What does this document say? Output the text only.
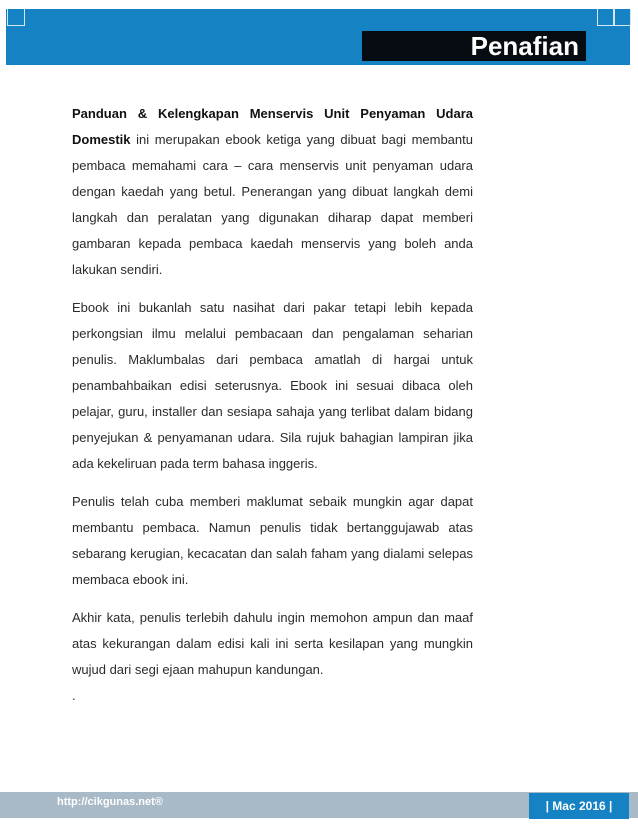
Penafian

Panduan & Kelengkapan Menservis Unit Penyaman Udara Domestik ini merupakan ebook ketiga yang dibuat bagi membantu pembaca memahami cara – cara menservis unit penyaman udara dengan kaedah yang betul. Penerangan yang dibuat langkah demi langkah dan peralatan yang digunakan diharap dapat memberi gambaran kepada pembaca kaedah menservis yang boleh anda lakukan sendiri.

Ebook ini bukanlah satu nasihat dari pakar tetapi lebih kepada perkongsian ilmu melalui pembacaan dan pengalaman seharian penulis. Maklumbalas dari pembaca amatlah di hargai untuk penambahbaikan edisi seterusnya. Ebook ini sesuai dibaca oleh pelajar, guru, installer dan sesiapa sahaja yang terlibat dalam bidang penyejukan & penyamanan udara. Sila rujuk bahagian lampiran jika ada kekeliruan pada term bahasa inggeris.

Penulis telah cuba memberi maklumat sebaik mungkin agar dapat membantu pembaca. Namun penulis tidak bertanggujawab atas sebarang kerugian, kecacatan dan salah faham yang dialami selepas membaca ebook ini.

Akhir kata, penulis terlebih dahulu ingin memohon ampun dan maaf atas kekurangan dalam edisi kali ini serta kesilapan yang mungkin wujud dari segi ejaan mahupun kandungan.

.
http://cikgunas.net®	| Mac 2016 |
